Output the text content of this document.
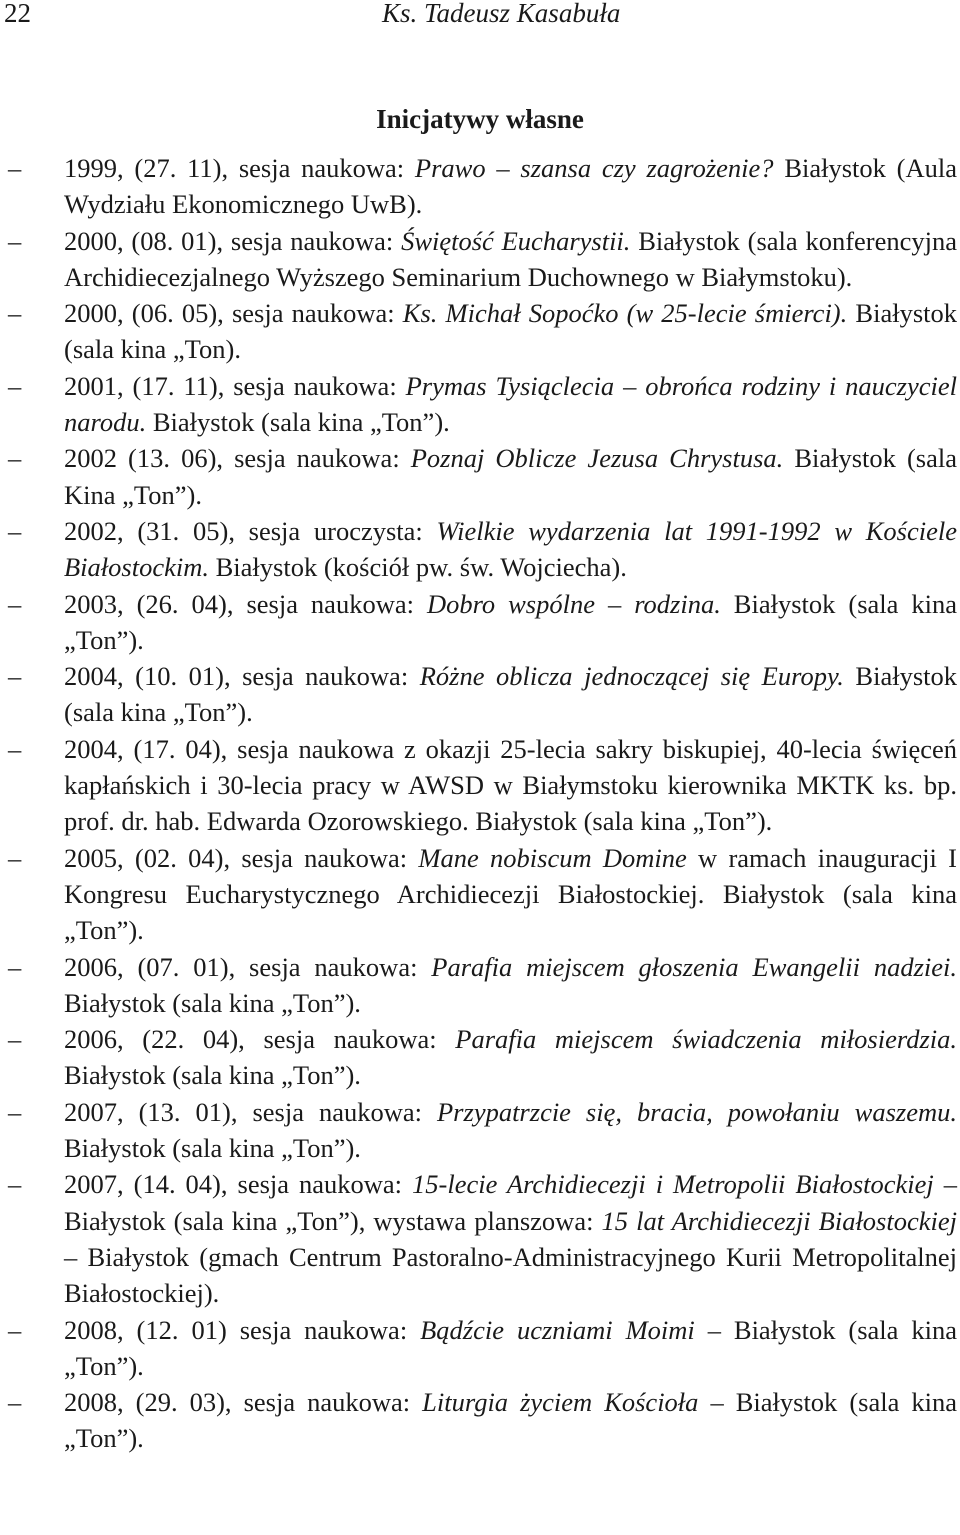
22	Ks. Tadeusz Kasabuła
Inicjatywy własne
–	1999, (27. 11), sesja naukowa: Prawo – szansa czy zagrożenie? Białystok (Aula Wydziału Ekonomicznego UwB).
–	2000, (08. 01), sesja naukowa: Świętość Eucharystii. Białystok (sala konferencyjna Archidiecezjalnego Wyższego Seminarium Duchownego w Białymstoku).
–	2000, (06. 05), sesja naukowa: Ks. Michał Sopoćko (w 25-lecie śmierci). Białystok (sala kina „Ton).
–	2001, (17. 11), sesja naukowa: Prymas Tysiąclecia – obrońca rodziny i nauczyciel narodu. Białystok (sala kina „Ton”).
–	2002 (13. 06), sesja naukowa: Poznaj Oblicze Jezusa Chrystusa. Białystok (sala Kina „Ton”).
–	2002, (31. 05), sesja uroczysta: Wielkie wydarzenia lat 1991-1992 w Kościele Białostockim. Białystok (kościół pw. św. Wojciecha).
–	2003, (26. 04), sesja naukowa: Dobro wspólne – rodzina. Białystok (sala kina „Ton”).
–	2004, (10. 01), sesja naukowa: Różne oblicza jednoczącej się Europy. Białystok (sala kina „Ton”).
–	2004, (17. 04), sesja naukowa z okazji 25-lecia sakry biskupiej, 40-lecia święceń kapłańskich i 30-lecia pracy w AWSD w Białymstoku kierownika MKTK ks. bp. prof. dr. hab. Edwarda Ozorowskiego. Białystok (sala kina „Ton”).
–	2005, (02. 04), sesja naukowa: Mane nobiscum Domine w ramach inauguracji I Kongresu Eucharystycznego Archidiecezji Białostockiej. Białystok (sala kina „Ton”).
–	2006, (07. 01), sesja naukowa: Parafia miejscem głoszenia Ewangelii nadziei. Białystok (sala kina „Ton”).
–	2006, (22. 04), sesja naukowa: Parafia miejscem świadczenia miłosierdzia. Białystok (sala kina „Ton”).
–	2007, (13. 01), sesja naukowa: Przypatrzcie się, bracia, powołaniu waszemu. Białystok (sala kina „Ton”).
–	2007, (14. 04), sesja naukowa: 15-lecie Archidiecezji i Metropolii Białostockiej – Białystok (sala kina „Ton”), wystawa planszowa: 15 lat Archidiecezji Białostockiej – Białystok (gmach Centrum Pastoralno-Administracyjnego Kurii Metropolitalnej Białostockiej).
–	2008, (12. 01) sesja naukowa: Bądźcie uczniami Moimi – Białystok (sala kina „Ton”).
–	2008, (29. 03), sesja naukowa: Liturgia życiem Kościoła – Białystok (sala kina „Ton”).
